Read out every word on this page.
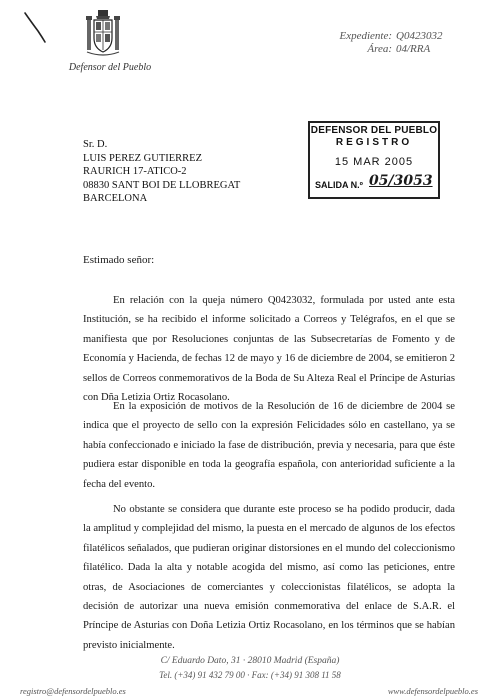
Defensor del Pueblo
Expediente: Q0423032
Área: 04/RRA
Sr. D.
LUIS PEREZ GUTIERREZ
RAURICH 17-ATICO-2
08830 SANT BOI DE LLOBREGAT
BARCELONA
DEFENSOR DEL PUEBLO
REGISTRO
15 MAR 2005
SALIDA N.º 05/3053
Estimado señor:

En relación con la queja número Q0423032, formulada por usted ante esta Institución, se ha recibido el informe solicitado a Correos y Telégrafos, en el que se manifiesta que por Resoluciones conjuntas de las Subsecretarías de Fomento y de Economía y Hacienda, de fechas 12 de mayo y 16 de diciembre de 2004, se emitieron 2 sellos de Correos conmemorativos de la Boda de Su Alteza Real el Príncipe de Asturias con Dña Letizia Ortiz Rocasolano.

En la exposición de motivos de la Resolución de 16 de diciembre de 2004 se indica que el proyecto de sello con la expresión Felicidades sólo en castellano, ya se había confeccionado e iniciado la fase de distribución, previa y necesaria, para que éste pudiera estar disponible en toda la geografía española, con anterioridad suficiente a la fecha del evento.

No obstante se considera que durante este proceso se ha podido producir, dada la amplitud y complejidad del mismo, la puesta en el mercado de algunos de los efectos filatélicos señalados, que pudieran originar distorsiones en el mundo del coleccionismo filatélico. Dada la alta y notable acogida del mismo, así como las peticiones, entre otras, de Asociaciones de comerciantes y coleccionistas filatélicos, se adopta la decisión de autorizar una nueva emisión conmemorativa del enlace de S.A.R. el Príncipe de Asturias con Doña Letizia Ortiz Rocasolano, en los términos que se habían previsto inicialmente.

C/ Eduardo Dato, 31 · 28010 Madrid (España)
Tel. (+34) 91 432 79 00 · Fax: (+34) 91 308 11 58
registro@defensordelpueblo.es	www.defensordelpueblo.es
